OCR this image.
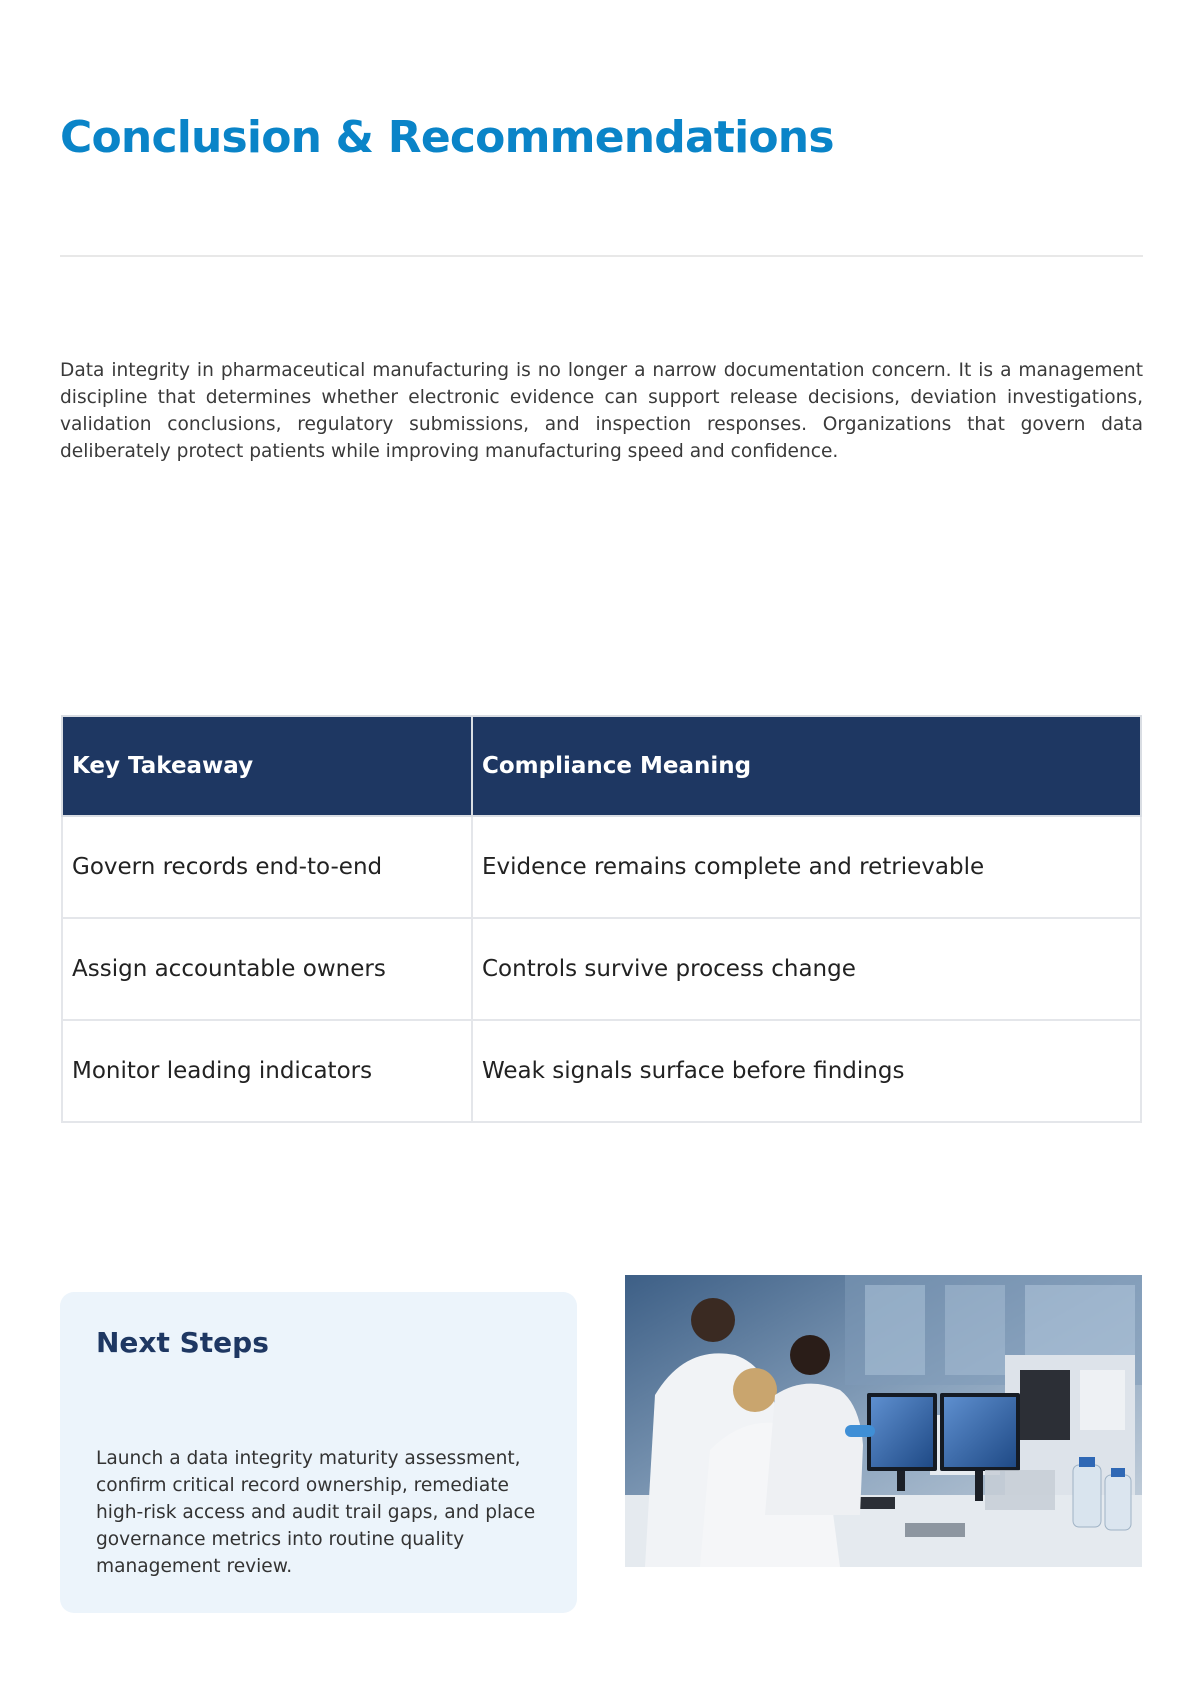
Conclusion & Recommendations

Data integrity in pharmaceutical manufacturing is no longer a narrow documentation concern. It is a management discipline that determines whether electronic evidence can support release decisions, deviation investigations, validation conclusions, regulatory submissions, and inspection responses. Organizations that govern data deliberately protect patients while improving manufacturing speed and confidence.

Key Takeaway	Compliance Meaning
Govern records end-to-end	Evidence remains complete and retrievable
Assign accountable owners	Controls survive process change
Monitor leading indicators	Weak signals surface before findings
Next Steps

Launch a data integrity maturity assessment, confirm critical record ownership, remediate high-risk access and audit trail gaps, and place governance metrics into routine quality management review.
